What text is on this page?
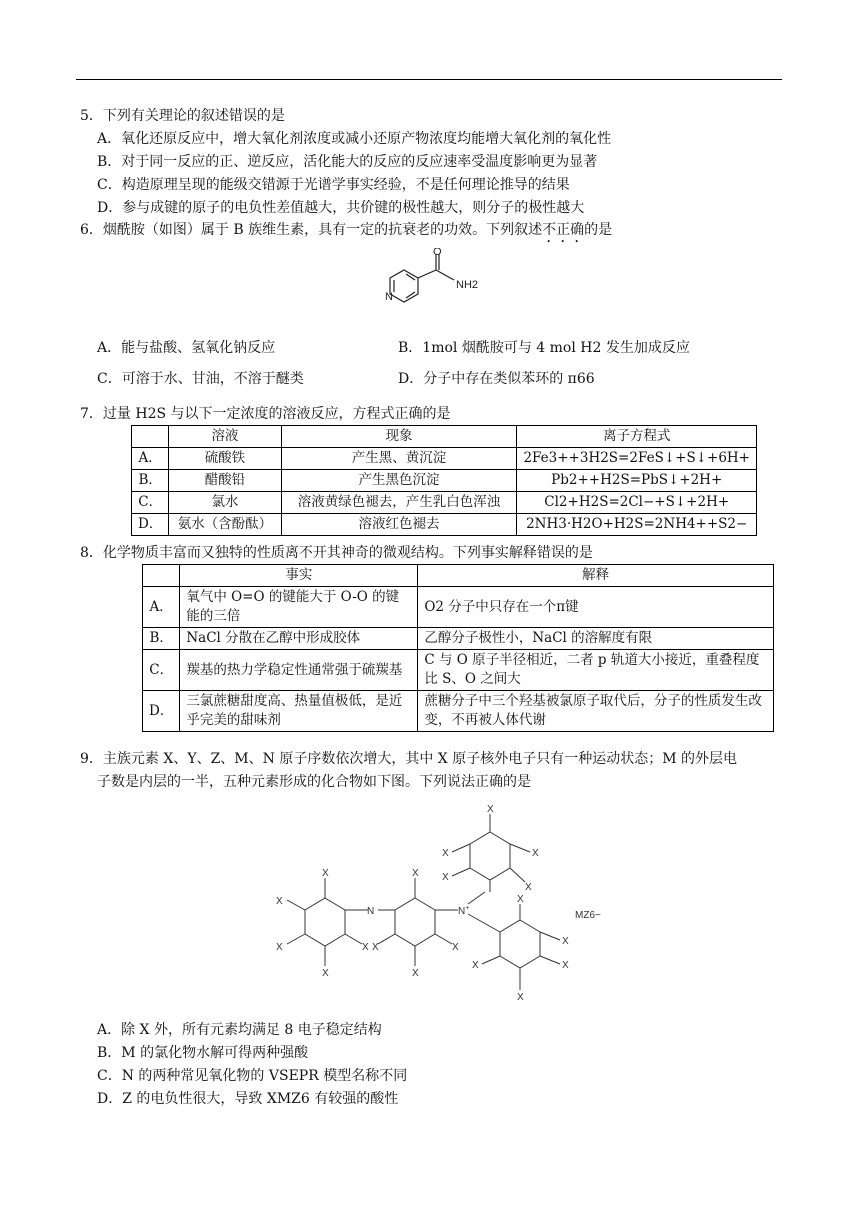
5．下列有关理论的叙述错误的是
A．氧化还原反应中，增大氧化剂浓度或减小还原产物浓度均能增大氧化剂的氧化性
B．对于同一反应的正、逆反应，活化能大的反应的反应速率受温度影响更为显著
C．构造原理呈现的能级交错源于光谱学事实经验，不是任何理论推导的结果
D．参与成键的原子的电负性差值越大，共价键的极性越大，则分子的极性越大
6．烟酰胺（如图）属于 B 族维生素，具有一定的抗衰老的功效。下列叙述不正确的是
O
N
NH2
A．能与盐酸、氢氧化钠反应	B．1mol 烟酰胺可与 4 mol H2 发生加成反应
C．可溶于水、甘油，不溶于醚类	D．分子中存在类似苯环的 π66
7．过量 H2S 与以下一定浓度的溶液反应，方程式正确的是
	溶液	现象	离子方程式
A．	硫酸铁	产生黑、黄沉淀	2Fe3++3H2S=2FeS↓+S↓+6H+
B．	醋酸铅	产生黑色沉淀	Pb2++H2S=PbS↓+2H+
C．	氯水	溶液黄绿色褪去，产生乳白色浑浊	Cl2+H2S=2Cl−+S↓+2H+
D．	氨水（含酚酞）	溶液红色褪去	2NH3·H2O+H2S=2NH4++S2−
8．化学物质丰富而又独特的性质离不开其神奇的微观结构。下列事实解释错误的是
	事实	解释
A．	氧气中 O=O 的键能大于 O-O 的键能的三倍	O2 分子中只存在一个π键
B．	NaCl 分散在乙醇中形成胶体	乙醇分子极性小，NaCl 的溶解度有限
C．	羰基的热力学稳定性通常强于硫羰基	C 与 O 原子半径相近，二者 p 轨道大小接近，重叠程度比 S、O 之间大
D．	三氯蔗糖甜度高、热量值极低，是近乎完美的甜味剂	蔗糖分子中三个羟基被氯原子取代后，分子的性质发生改变，不再被人体代谢
9．主族元素 X、Y、Z、M、N 原子序数依次增大，其中 X 原子核外电子只有一种运动状态；M 的外层电
子数是内层的一半，五种元素形成的化合物如下图。下列说法正确的是
X
X
X
X	X
N
X
X
X	X
N+
X
X
X
X
X
X
X
X
X
X
MZ6−
A．除 X 外，所有元素均满足 8 电子稳定结构
B．M 的氯化物水解可得两种强酸
C．N 的两种常见氧化物的 VSEPR 模型名称不同
D．Z 的电负性很大，导致 XMZ6 有较强的酸性
